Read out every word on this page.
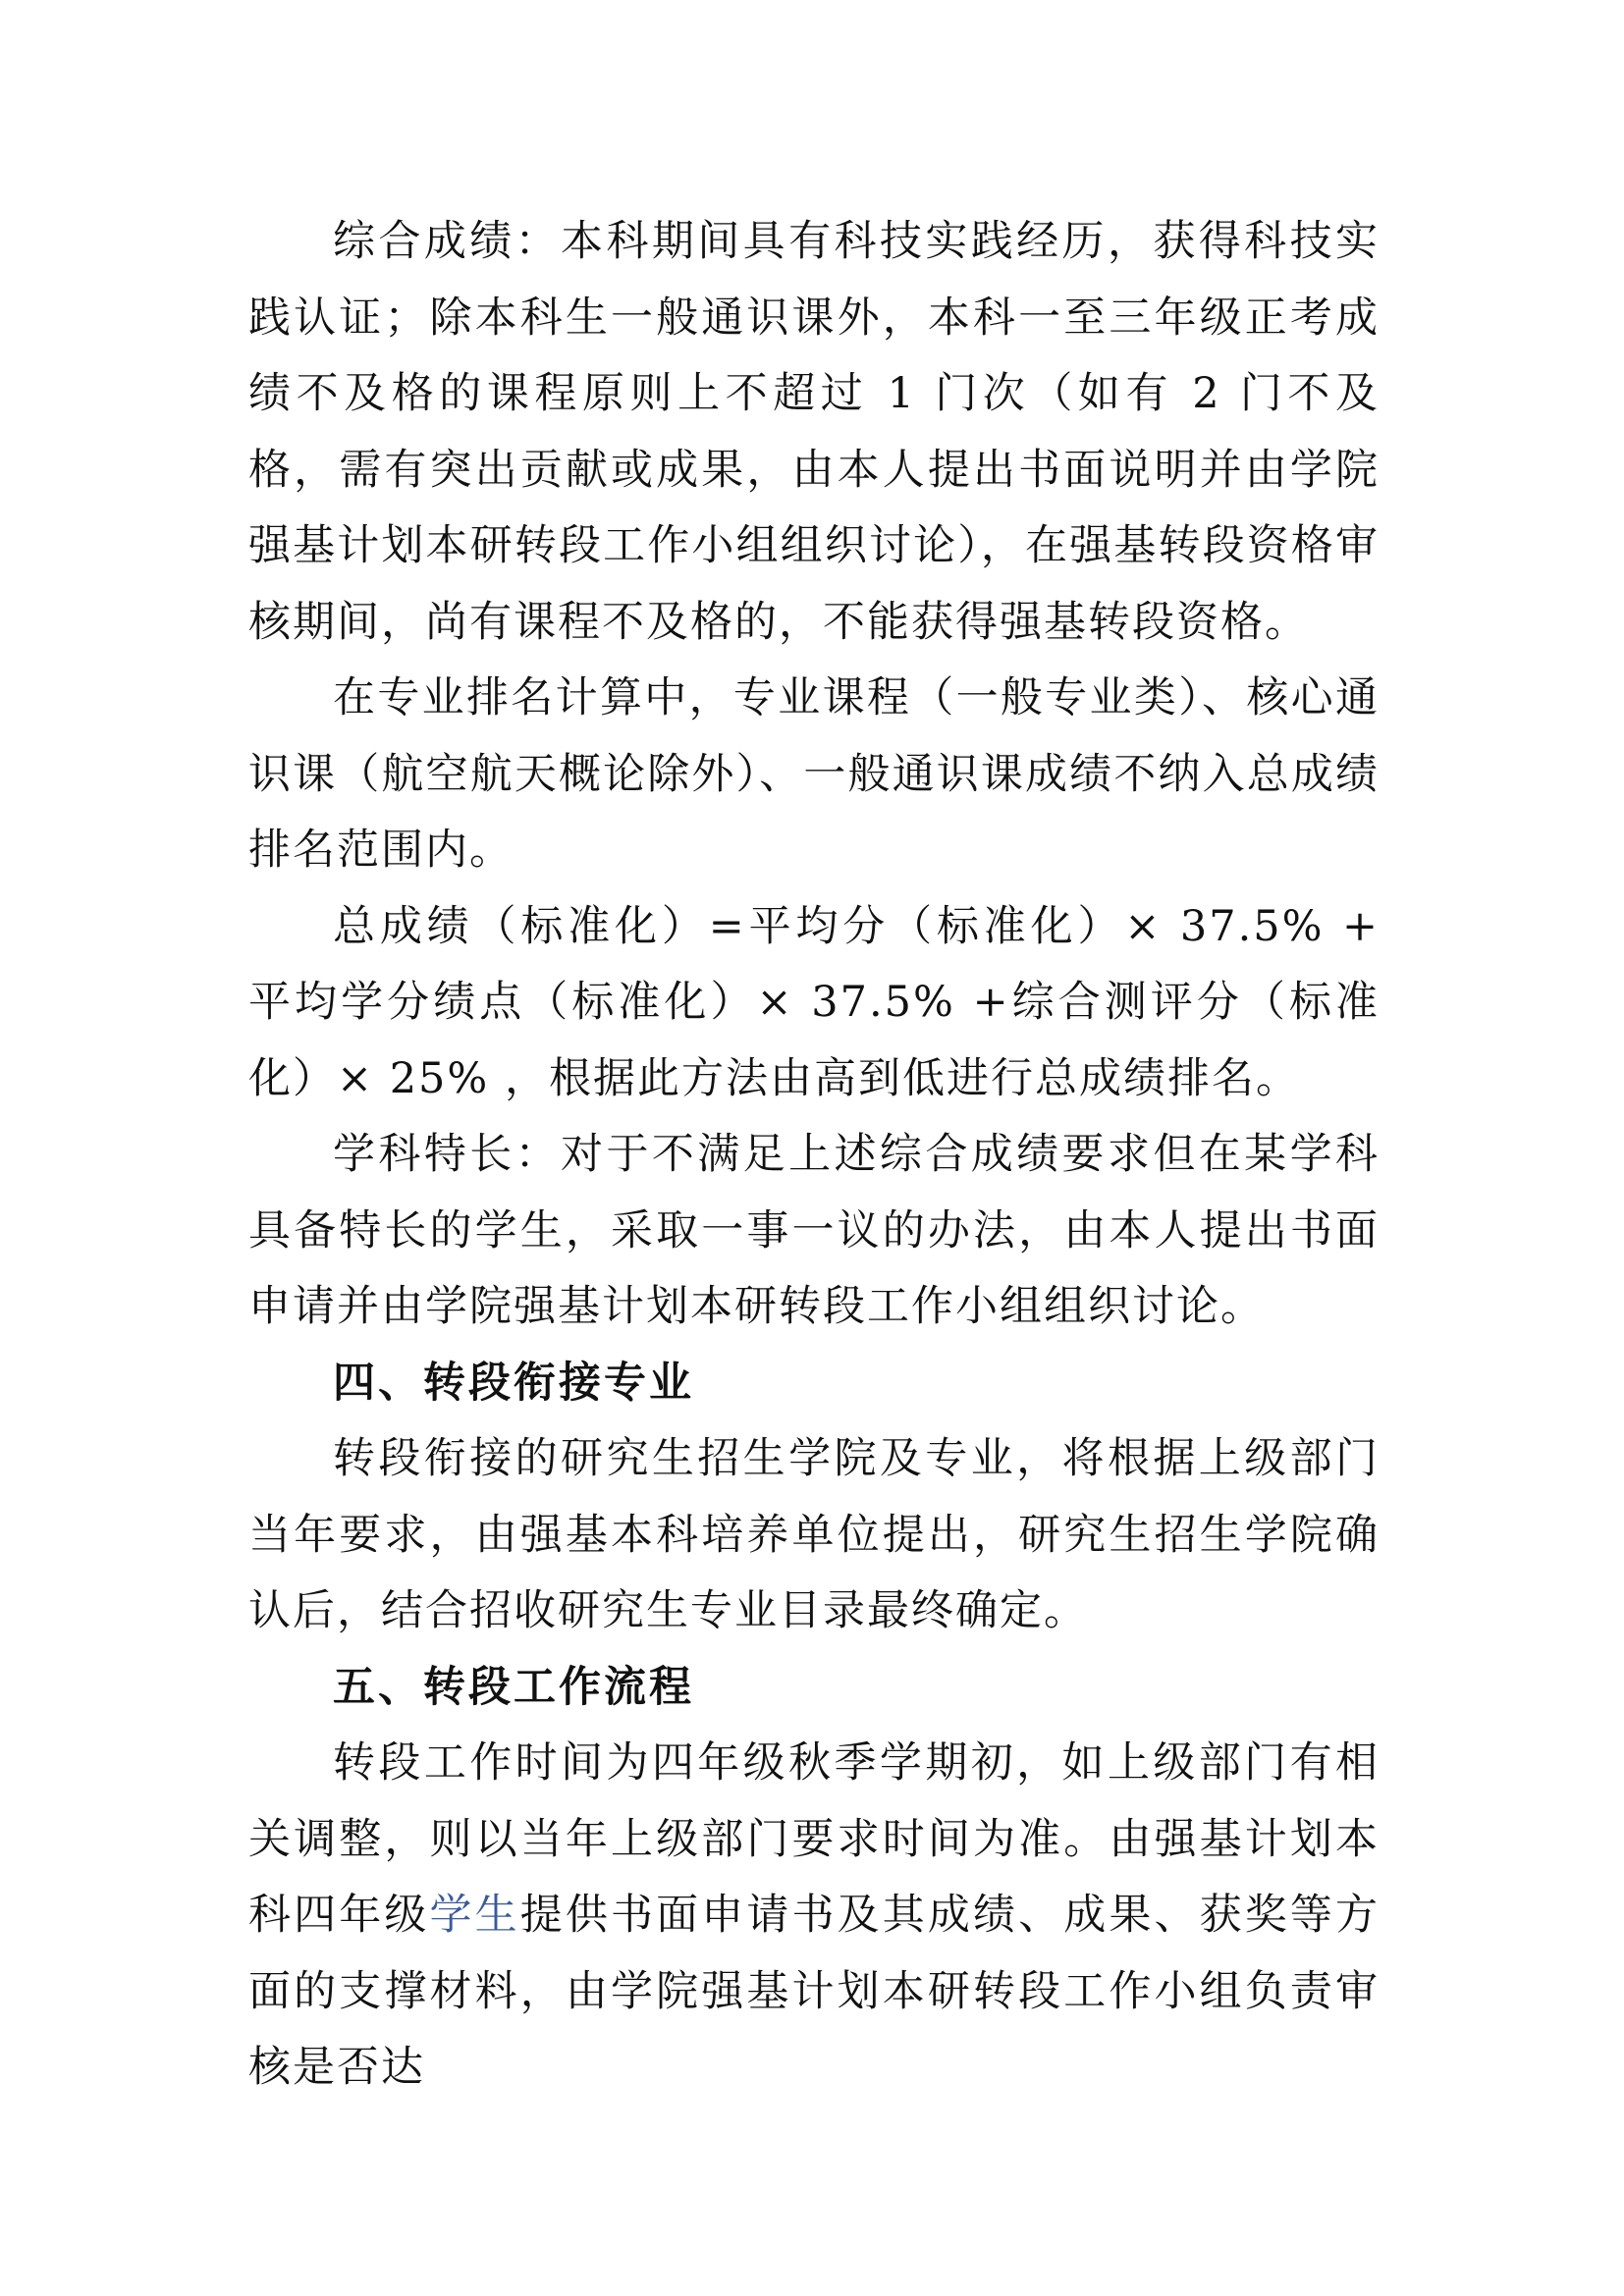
综合成绩：本科期间具有科技实践经历，获得科技实践认证；除本科生一般通识课外，本科一至三年级正考成绩不及格的课程原则上不超过 1 门次（如有 2 门不及格，需有突出贡献或成果，由本人提出书面说明并由学院强基计划本研转段工作小组组织讨论），在强基转段资格审核期间，尚有课程不及格的，不能获得强基转段资格。

在专业排名计算中，专业课程（一般专业类）、核心通识课（航空航天概论除外）、一般通识课成绩不纳入总成绩排名范围内。

总成绩（标准化）=平均分（标准化）× 37.5% + 平均学分绩点（标准化）× 37.5% +综合测评分（标准化）× 25% ，根据此方法由高到低进行总成绩排名。

学科特长：对于不满足上述综合成绩要求但在某学科具备特长的学生，采取一事一议的办法，由本人提出书面申请并由学院强基计划本研转段工作小组组织讨论。

四、转段衔接专业

转段衔接的研究生招生学院及专业，将根据上级部门当年要求，由强基本科培养单位提出，研究生招生学院确认后，结合招收研究生专业目录最终确定。

五、转段工作流程

转段工作时间为四年级秋季学期初，如上级部门有相关调整，则以当年上级部门要求时间为准。由强基计划本科四年级学生提供书面申请书及其成绩、成果、获奖等方面的支撑材料，由学院强基计划本研转段工作小组负责审核是否达
